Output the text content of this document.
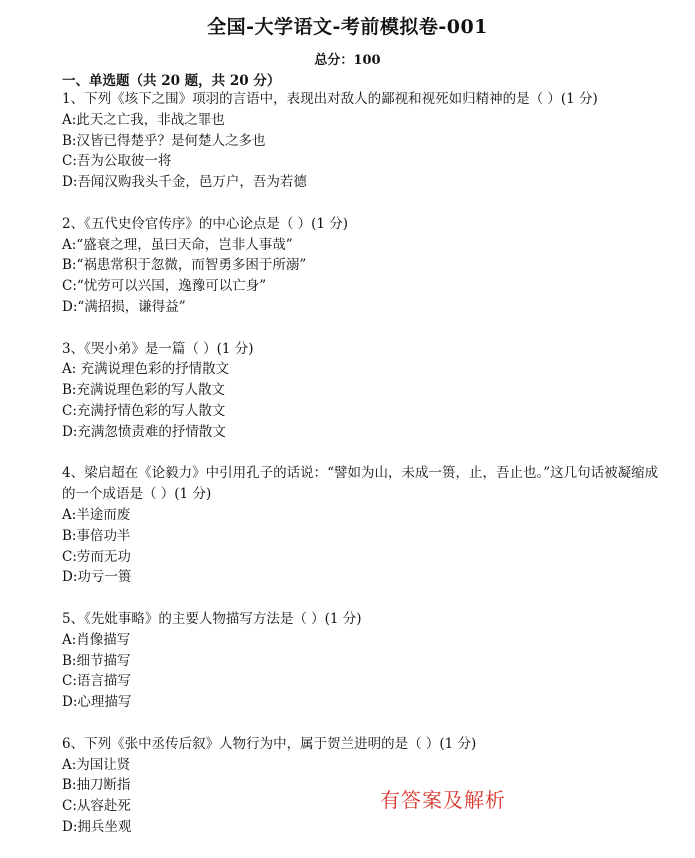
全国-大学语文-考前模拟卷-001
总分：100
一、单选题（共 20 题，共 20 分）

1、下列《垓下之围》项羽的言语中，表现出对敌人的鄙视和视死如归精神的是（ ）(1 分)

A:此天之亡我，非战之罪也

B:汉皆已得楚乎？是何楚人之多也

C:吾为公取彼一将

D:吾闻汉购我头千金，邑万户，吾为若德

2、《五代史伶官传序》的中心论点是（ ）(1 分)

A:“盛衰之理，虽曰天命，岂非人事哉”

B:“祸患常积于忽微，而智勇多困于所溺”

C:“忧劳可以兴国，逸豫可以亡身”

D:“满招损，谦得益”

3、《哭小弟》是一篇（ ）(1 分)

A: 充满说理色彩的抒情散文

B:充满说理色彩的写人散文

C:充满抒情色彩的写人散文

D:充满忽愤责难的抒情散文

4、梁启超在《论毅力》中引用孔子的话说：“譬如为山，未成一篑，止，吾止也。”这几句话被凝缩成的一个成语是（ ）(1 分)

A:半途而废

B:事倍功半

C:劳而无功

D:功亏一篑

5、《先妣事略》的主要人物描写方法是（ ）(1 分)

A:肖像描写

B:细节描写

C:语言描写

D:心理描写

6、下列《张中丞传后叙》人物行为中，属于贺兰进明的是（ ）(1 分)

A:为国让贤

B:抽刀断指

C:从容赴死

D:拥兵坐观

有答案及解析
